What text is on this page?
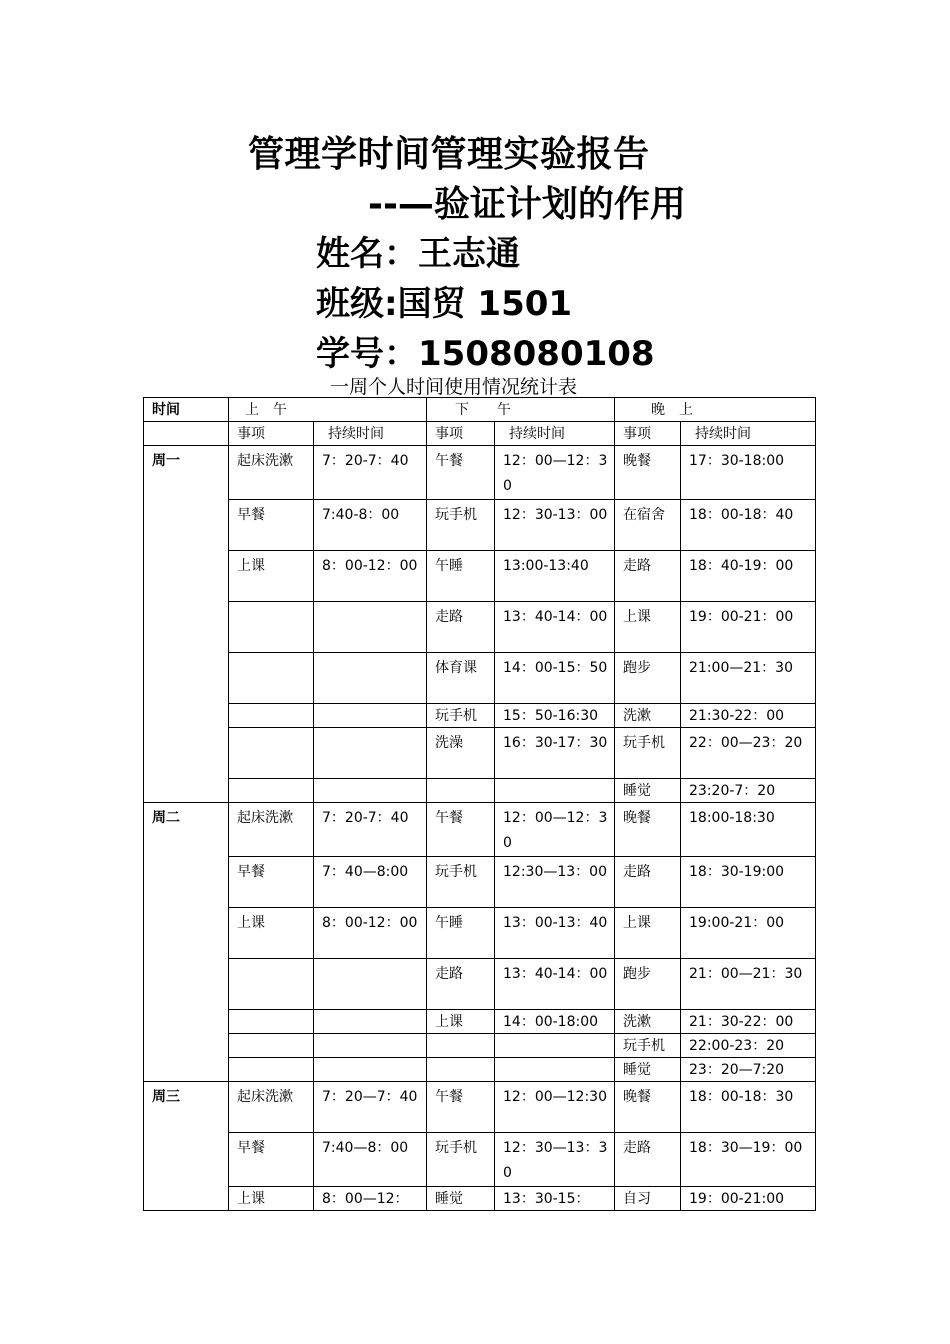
管理学时间管理实验报告
--—验证计划的作用
姓名：王志通
班级:国贸 1501
学号：1508080108
一周个人时间使用情况统计表
时间	上　午		下　　午		晚　上	
	事项	持续时间	事项	持续时间	事项	持续时间
周一	起床洗漱	7：20-7：40	午餐	12：00—12：30	晚餐	17：30-18:00
	早餐	7:40-8：00	玩手机	12：30-13：00	在宿舍	18：00-18：40
	上课	8：00-12：00	午睡	13:00-13:40	走路	18：40-19：00
			走路	13：40-14：00	上课	19：00-21：00
			体育课	14：00-15：50	跑步	21:00—21：30
			玩手机	15：50-16:30	洗漱	21:30-22：00
			洗澡	16：30-17：30	玩手机	22：00—23：20
					睡觉	23:20-7：20
周二	起床洗漱	7：20-7：40	午餐	12：00—12：30	晚餐	18:00-18:30
	早餐	7：40—8:00	玩手机	12:30—13：00	走路	18：30-19:00
	上课	8：00-12：00	午睡	13：00-13：40	上课	19:00-21：00
			走路	13：40-14：00	跑步	21：00—21：30
			上课	14：00-18:00	洗漱	21：30-22：00
					玩手机	22:00-23：20
					睡觉	23：20—7:20
周三	起床洗漱	7：20—7：40	午餐	12：00—12:30	晚餐	18：00-18：30
	早餐	7:40—8：00	玩手机	12：30—13：30	走路	18：30—19：00
	上课	8：00—12：	睡觉	13：30-15：	自习	19：00-21:00
